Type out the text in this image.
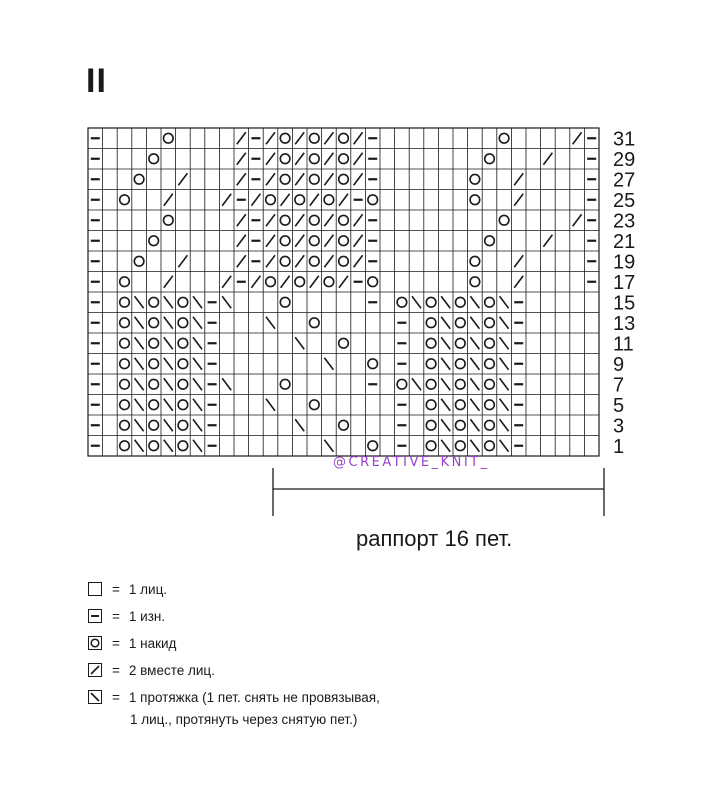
II
31
29
27
25
23
21
19
17
15
13
11
9
7
5
3
1
@CREATIVE_KNIT_
раппорт 16 пет.
= 1 лиц.
= 1 изн.
= 1 накид
= 2 вместе лиц.
= 1 протяжка (1 пет. снять не провязывая,
1 лиц., протянуть через снятую пет.)
